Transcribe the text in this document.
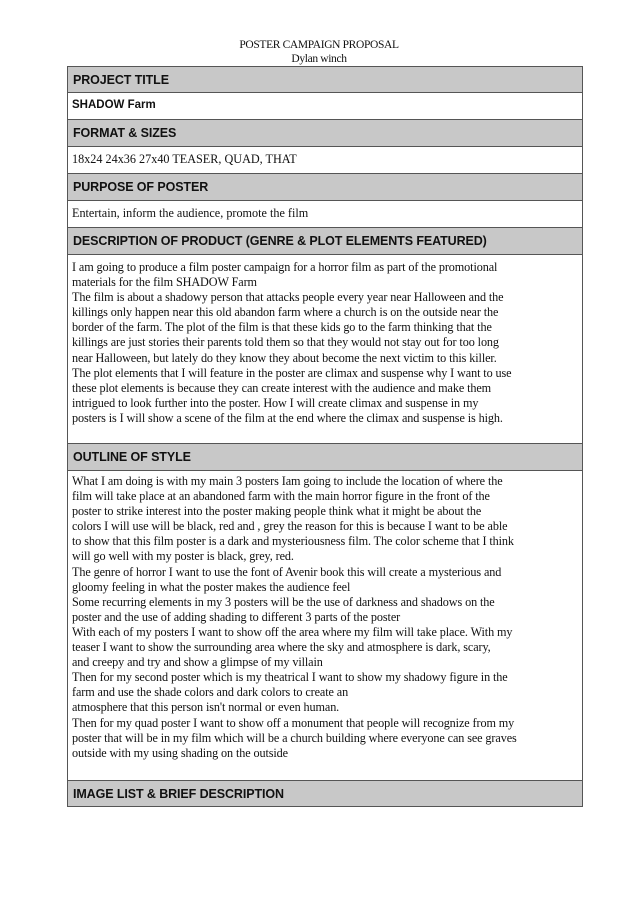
POSTER CAMPAIGN PROPOSAL
Dylan winch
PROJECT TITLE
SHADOW Farm
FORMAT & SIZES
18x24 24x36 27x40 TEASER, QUAD, THAT
PURPOSE OF POSTER
Entertain, inform the audience, promote the film
DESCRIPTION OF PRODUCT (GENRE & PLOT ELEMENTS FEATURED)

I am going to produce a film poster campaign for a horror film as part of the promotional

materials for the film SHADOW Farm

The film is about a shadowy person that attacks people every year near Halloween and the

killings only happen near this old abandon farm where a church is on the outside near the

border of the farm. The plot of the film is that these kids go to the farm thinking that the

killings are just stories their parents told them so that they would not stay out for too long

near Halloween, but lately do they know they about become the next victim to this killer.

The plot elements that I will feature in the poster are climax and suspense why I want to use

these plot elements is because they can create interest with the audience and make them

intrigued to look further into the poster. How I will create climax and suspense in my

posters is I will show a scene of the film at the end where the climax and suspense is high.

OUTLINE OF STYLE

What I am doing is with my main 3 posters Iam going to include the location of where the

film will take place at an abandoned farm with the main horror figure in the front of the

poster to strike interest into the poster making people think what it might be about the

colors I will use will be black, red and , grey the reason for this is because I want to be able

to show that this film poster is a dark and mysteriousness film. The color scheme that I think

will go well with my poster is black, grey, red.

The genre of horror I want to use the font of Avenir book this will create a mysterious and

gloomy feeling in what the poster makes the audience feel

Some recurring elements in my 3 posters will be the use of darkness and shadows on the

poster and the use of adding shading to different 3 parts of the poster

With each of my posters I want to show off the area where my film will take place. With my

teaser I want to show the surrounding area where the sky and atmosphere is dark, scary,

and creepy and try and show a glimpse of my villain

Then for my second poster which is my theatrical I want to show my shadowy figure in the

farm and use the shade colors and dark colors to create an

atmosphere that this person isn't normal or even human.

Then for my quad poster I want to show off a monument that people will recognize from my

poster that will be in my film which will be a church building where everyone can see graves

outside with my using shading on the outside

IMAGE LIST & BRIEF DESCRIPTION
